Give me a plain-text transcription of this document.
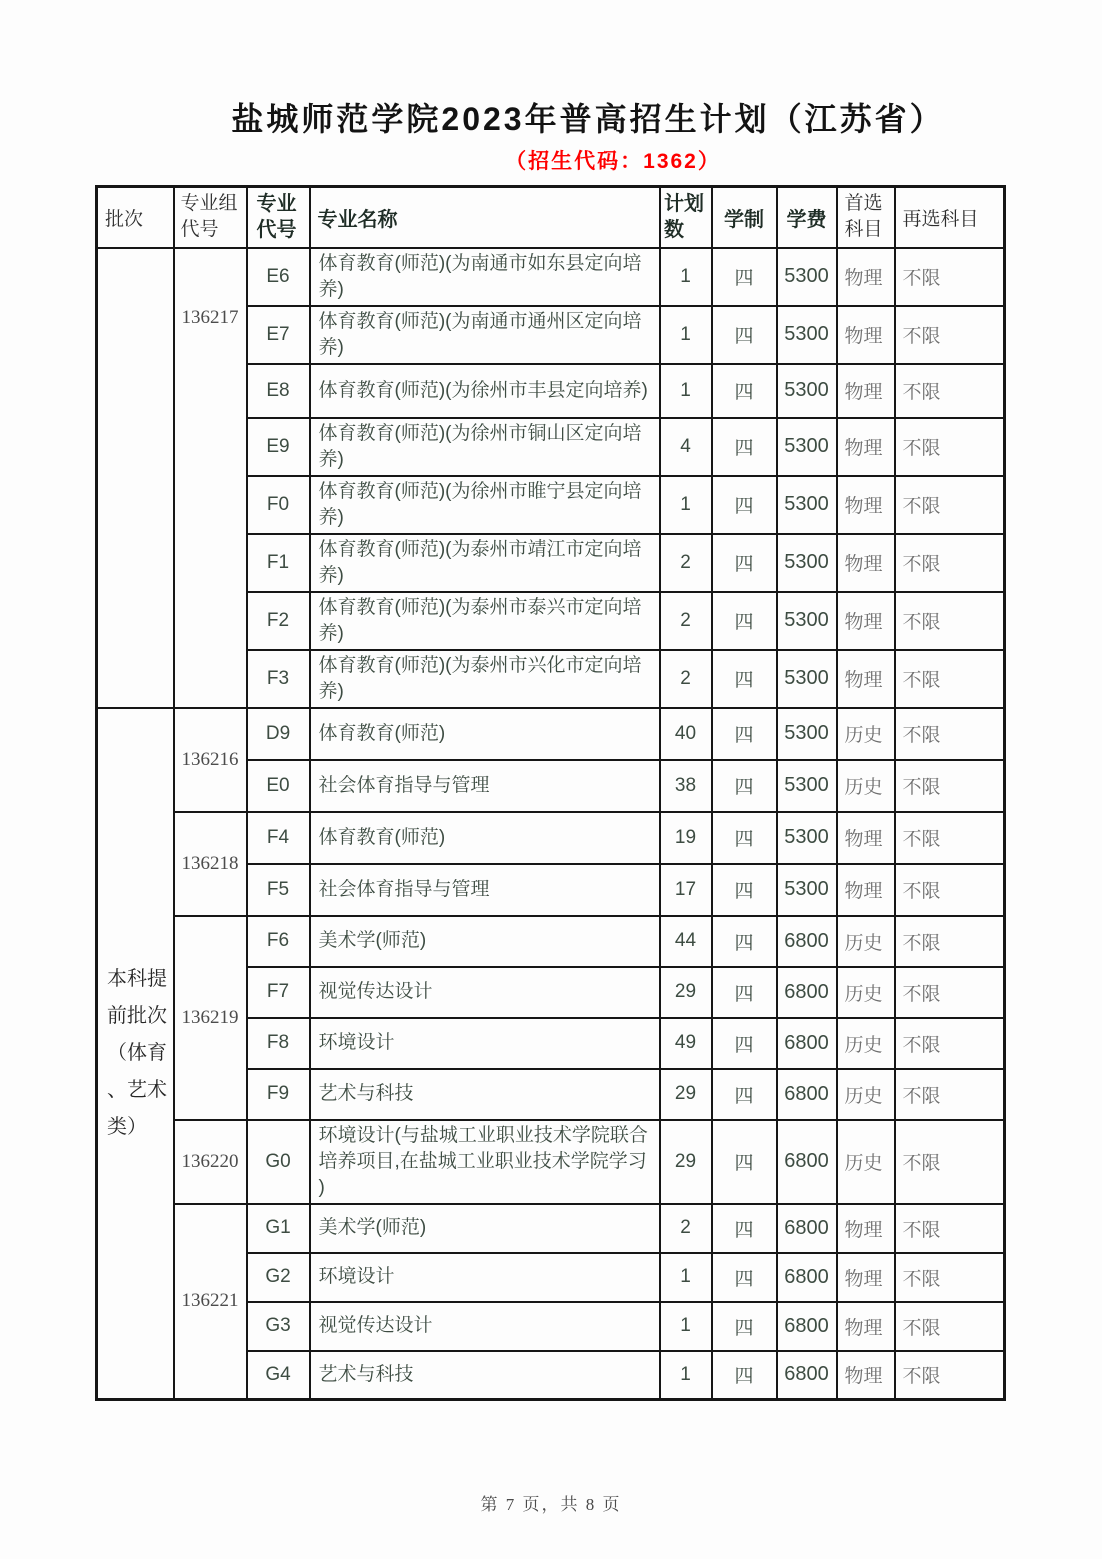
盐城师范学院2023年普高招生计划（江苏省）
（招生代码：1362）
批次	专业组代号	专业代号	专业名称	计划数	学制	学费	首选科目	再选科目

	136217	E6	体育教育(师范)(为南通市如东县定向培养)	1	四	5300	物理	不限
		E7	体育教育(师范)(为南通市通州区定向培养)	1	四	5300	物理	不限
		E8	体育教育(师范)(为徐州市丰县定向培养)	1	四	5300	物理	不限
		E9	体育教育(师范)(为徐州市铜山区定向培养)	4	四	5300	物理	不限
		F0	体育教育(师范)(为徐州市睢宁县定向培养)	1	四	5300	物理	不限
		F1	体育教育(师范)(为泰州市靖江市定向培养)	2	四	5300	物理	不限
		F2	体育教育(师范)(为泰州市泰兴市定向培养)	2	四	5300	物理	不限
		F3	体育教育(师范)(为泰州市兴化市定向培养)	2	四	5300	物理	不限

本科提前批次（体育、艺术类）	136216	D9	体育教育(师范)	40	四	5300	历史	不限
		E0	社会体育指导与管理	38	四	5300	历史	不限
	136218	F4	体育教育(师范)	19	四	5300	物理	不限
		F5	社会体育指导与管理	17	四	5300	物理	不限
	136219	F6	美术学(师范)	44	四	6800	历史	不限
		F7	视觉传达设计	29	四	6800	历史	不限
		F8	环境设计	49	四	6800	历史	不限
		F9	艺术与科技	29	四	6800	历史	不限
	136220	G0	环境设计(与盐城工业职业技术学院联合培养项目,在盐城工业职业技术学院学习)	29	四	6800	历史	不限
	136221	G1	美术学(师范)	2	四	6800	物理	不限
		G2	环境设计	1	四	6800	物理	不限
		G3	视觉传达设计	1	四	6800	物理	不限
		G4	艺术与科技	1	四	6800	物理	不限
第 7 页，共 8 页
